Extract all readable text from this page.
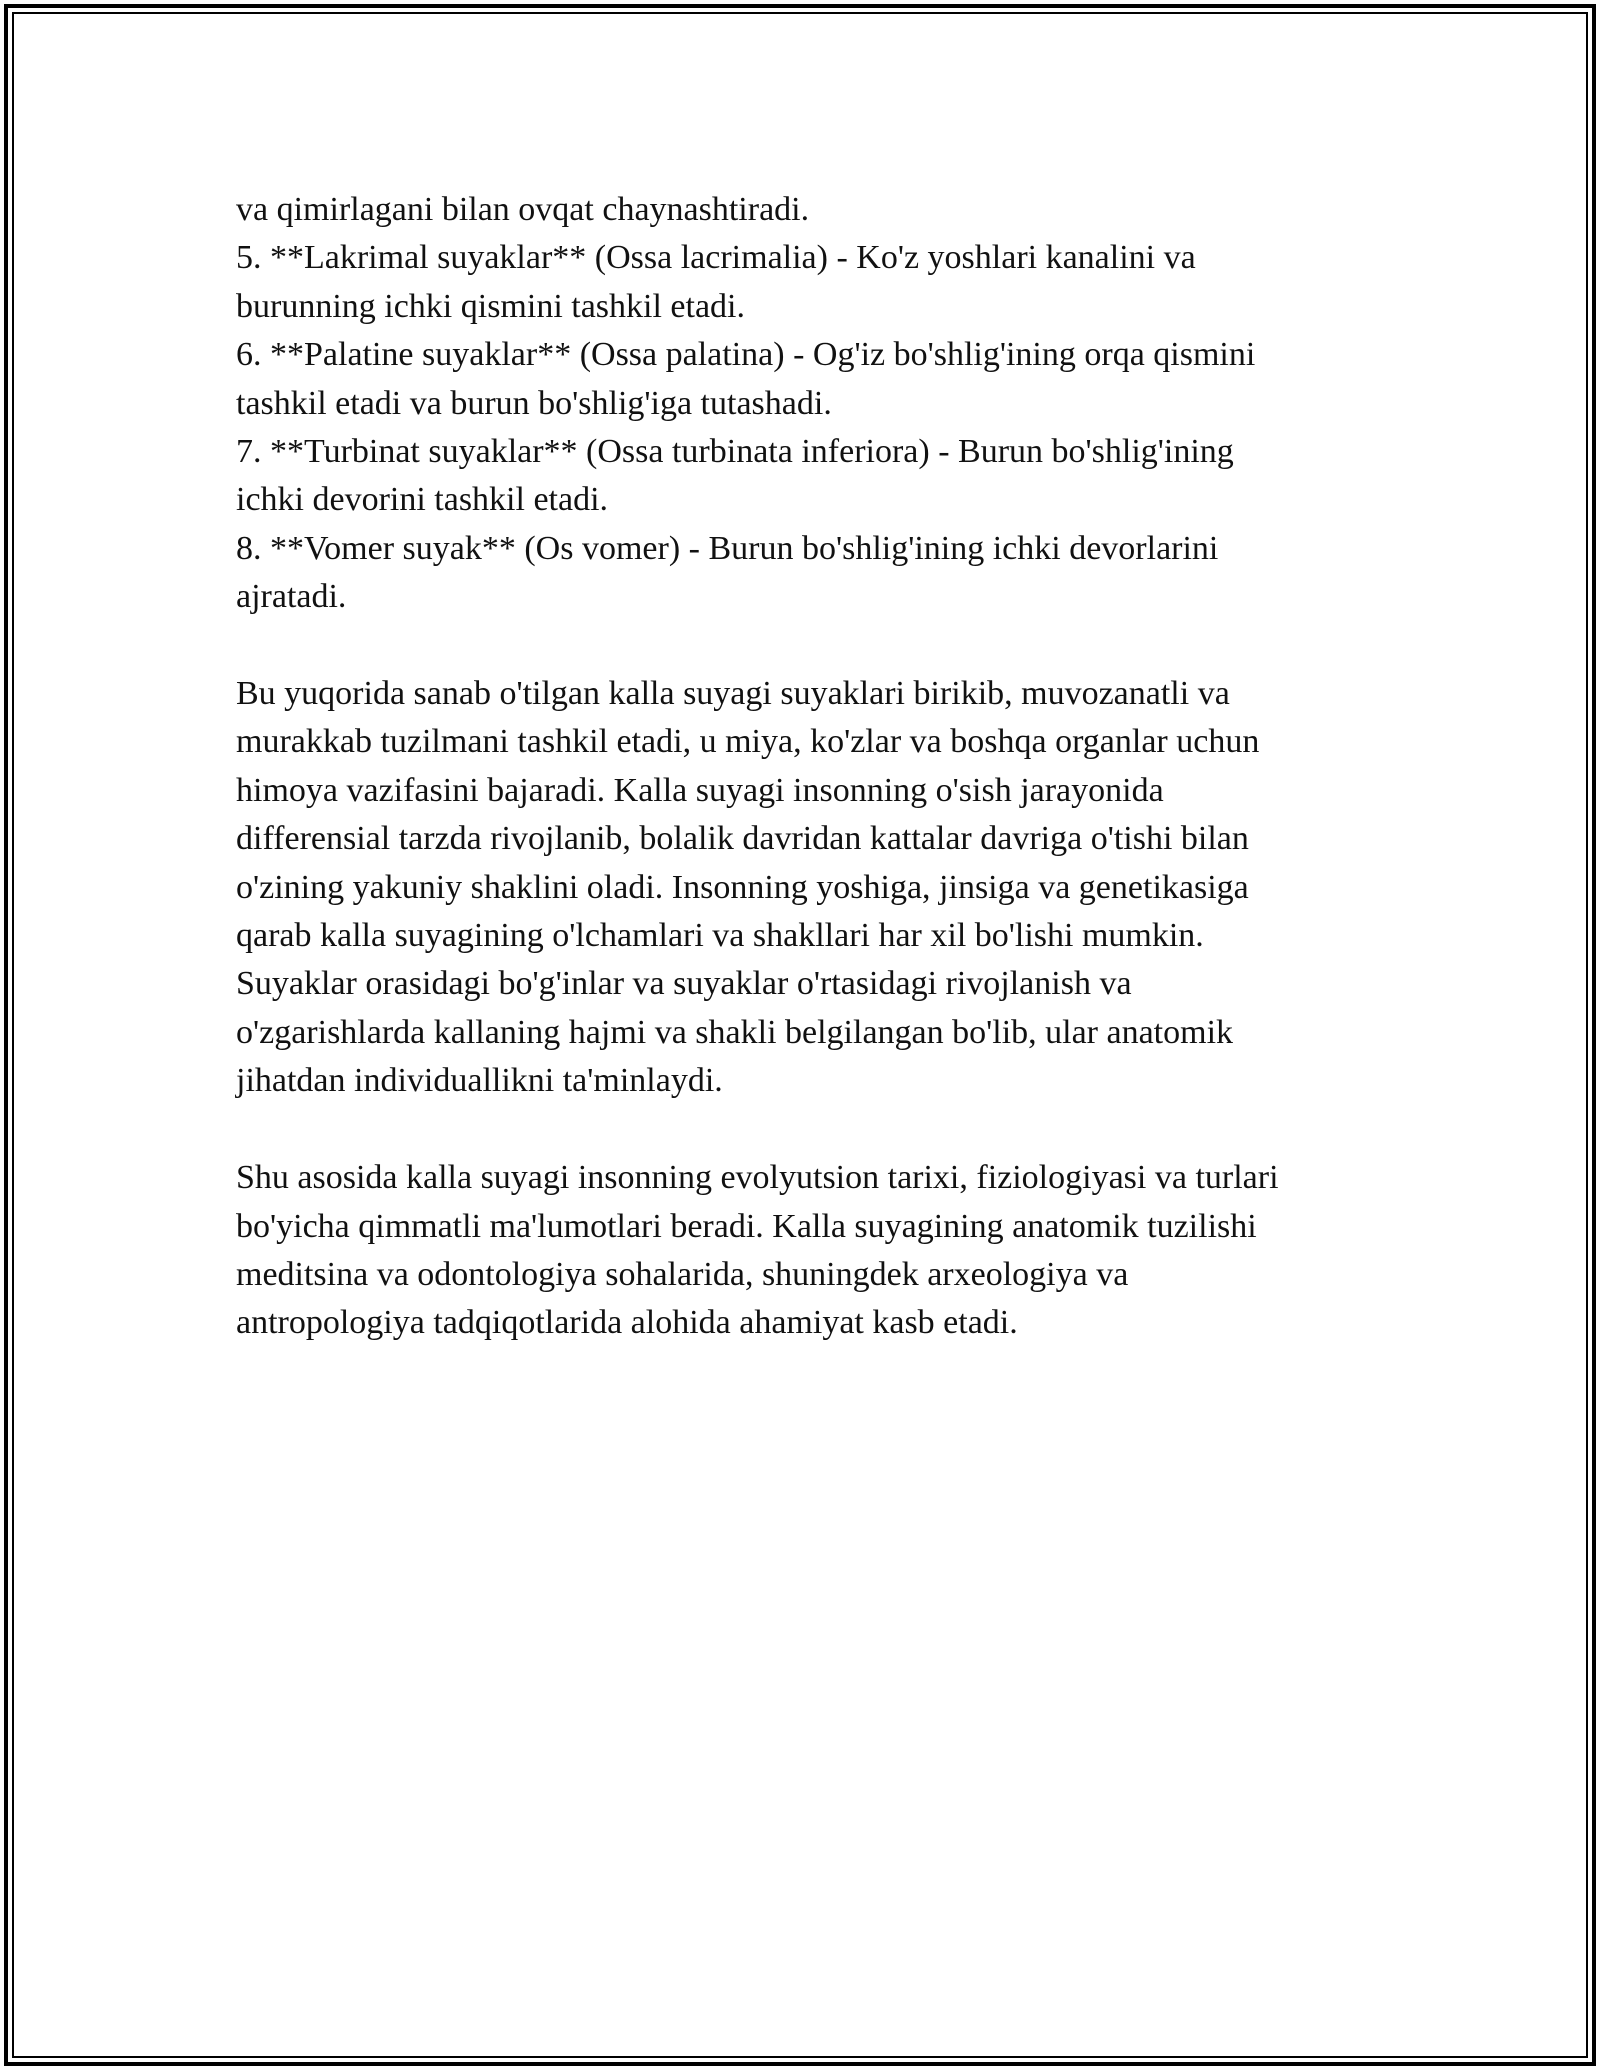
va qimirlagani bilan ovqat chaynashtiradi.

5. **Lakrimal suyaklar** (Ossa lacrimalia) - Ko'z yoshlari kanalini va

burunning ichki qismini tashkil etadi.

6. **Palatine suyaklar** (Ossa palatina) - Og'iz bo'shlig'ining orqa qismini

tashkil etadi va burun bo'shlig'iga tutashadi.

7. **Turbinat suyaklar** (Ossa turbinata inferiora) - Burun bo'shlig'ining

ichki devorini tashkil etadi.

8. **Vomer suyak** (Os vomer) - Burun bo'shlig'ining ichki devorlarini

ajratadi.

Bu yuqorida sanab o'tilgan kalla suyagi suyaklari birikib, muvozanatli va

murakkab tuzilmani tashkil etadi, u miya, ko'zlar va boshqa organlar uchun

himoya vazifasini bajaradi. Kalla suyagi insonning o'sish jarayonida

differensial tarzda rivojlanib, bolalik davridan kattalar davriga o'tishi bilan

o'zining yakuniy shaklini oladi. Insonning yoshiga, jinsiga va genetikasiga

qarab kalla suyagining o'lchamlari va shakllari har xil bo'lishi mumkin.

Suyaklar orasidagi bo'g'inlar va suyaklar o'rtasidagi rivojlanish va

o'zgarishlarda kallaning hajmi va shakli belgilangan bo'lib, ular anatomik

jihatdan individuallikni ta'minlaydi.

Shu asosida kalla suyagi insonning evolyutsion tarixi, fiziologiyasi va turlari

bo'yicha qimmatli ma'lumotlari beradi. Kalla suyagining anatomik tuzilishi

meditsina va odontologiya sohalarida, shuningdek arxeologiya va

antropologiya tadqiqotlarida alohida ahamiyat kasb etadi.
